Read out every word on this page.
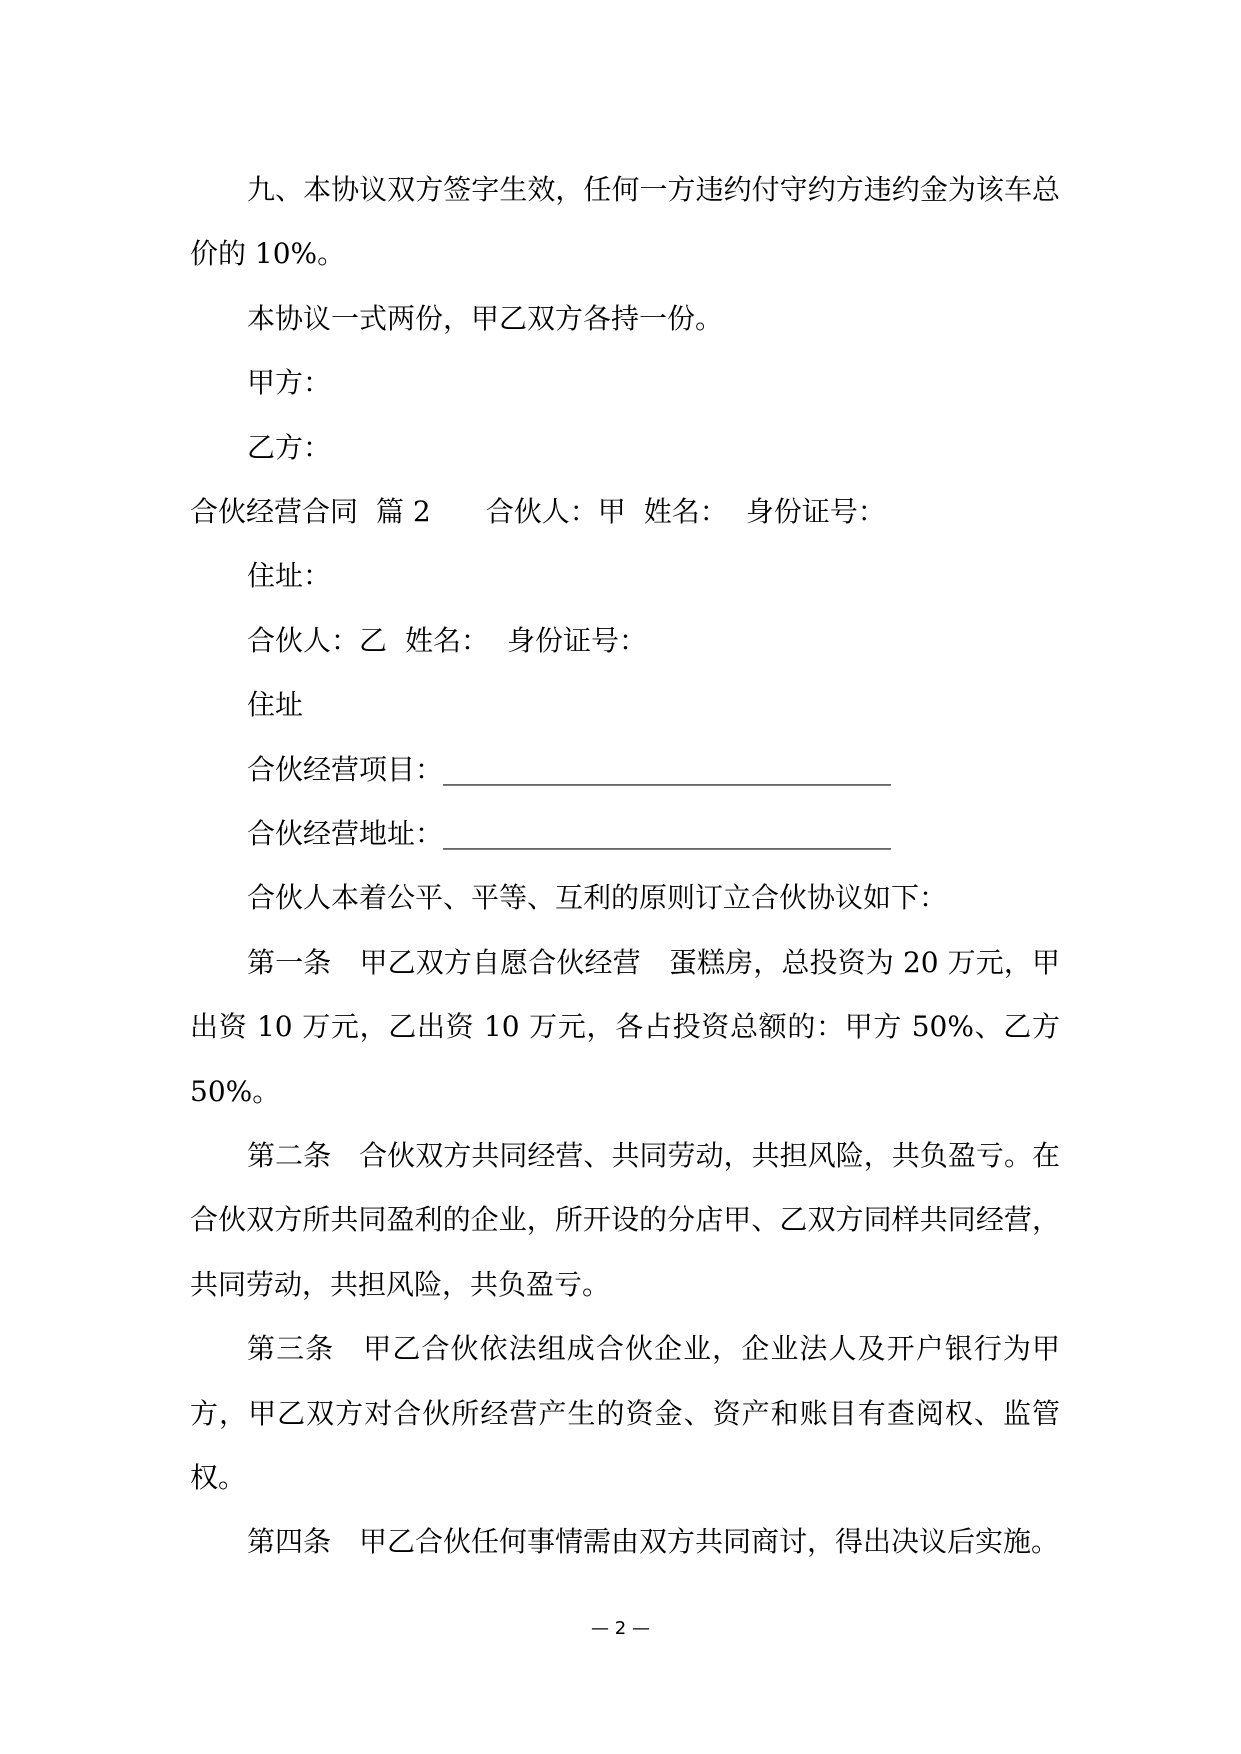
九、本协议双方签字生效，任何一方违约付守约方违约金为该车总价的 10%。
本协议一式两份，甲乙双方各持一份。
甲方：
乙方：
合伙经营合同 篇 2 合伙人：甲 姓名： 身份证号：
住址：
合伙人：乙 姓名： 身份证号：
住址
合伙经营项目：________________________________
合伙经营地址：________________________________
合伙人本着公平、平等、互利的原则订立合伙协议如下：
第一条　甲乙双方自愿合伙经营　蛋糕房，总投资为 20 万元，甲出资 10 万元，乙出资 10 万元，各占投资总额的：甲方 50%、乙方 50%。
第二条　合伙双方共同经营、共同劳动，共担风险，共负盈亏。在合伙双方所共同盈利的企业，所开设的分店甲、乙双方同样共同经营，共同劳动，共担风险，共负盈亏。
第三条　甲乙合伙依法组成合伙企业，企业法人及开户银行为甲方，甲乙双方对合伙所经营产生的资金、资产和账目有查阅权、监管权。
第四条　甲乙合伙任何事情需由双方共同商讨，得出决议后实施。
— 2 —
